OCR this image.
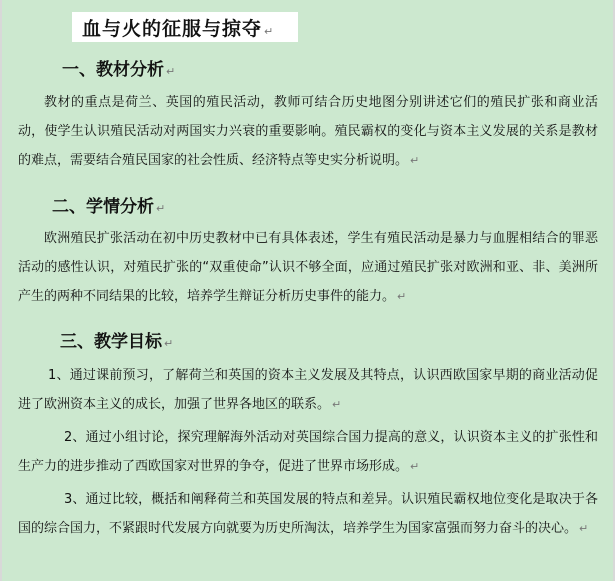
血与火的征服与掠夺 ↵
一、教材分析 ↵
教材的重点是荷兰、英国的殖民活动，教师可结合历史地图分别讲述它们的殖民扩张和商业活动，使学生认识殖民活动对两国实力兴衰的重要影响。殖民霸权的变化与资本主义发展的关系是教材的难点，需要结合殖民国家的社会性质、经济特点等史实分析说明。 ↵
二、学情分析 ↵
欧洲殖民扩张活动在初中历史教材中已有具体表述，学生有殖民活动是暴力与血腥相结合的罪恶活动的感性认识，对殖民扩张的“双重使命”认识不够全面，应通过殖民扩张对欧洲和亚、非、美洲所产生的两种不同结果的比较，培养学生辩证分析历史事件的能力。 ↵
三、教学目标 ↵
1、通过课前预习，了解荷兰和英国的资本主义发展及其特点，认识西欧国家早期的商业活动促进了欧洲资本主义的成长，加强了世界各地区的联系。 ↵
2、通过小组讨论，探究理解海外活动对英国综合国力提高的意义，认识资本主义的扩张性和生产力的进步推动了西欧国家对世界的争夺，促进了世界市场形成。 ↵
3、通过比较，概括和阐释荷兰和英国发展的特点和差异。认识殖民霸权地位变化是取决于各国的综合国力，不紧跟时代发展方向就要为历史所淘汰，培养学生为国家富强而努力奋斗的决心。 ↵
